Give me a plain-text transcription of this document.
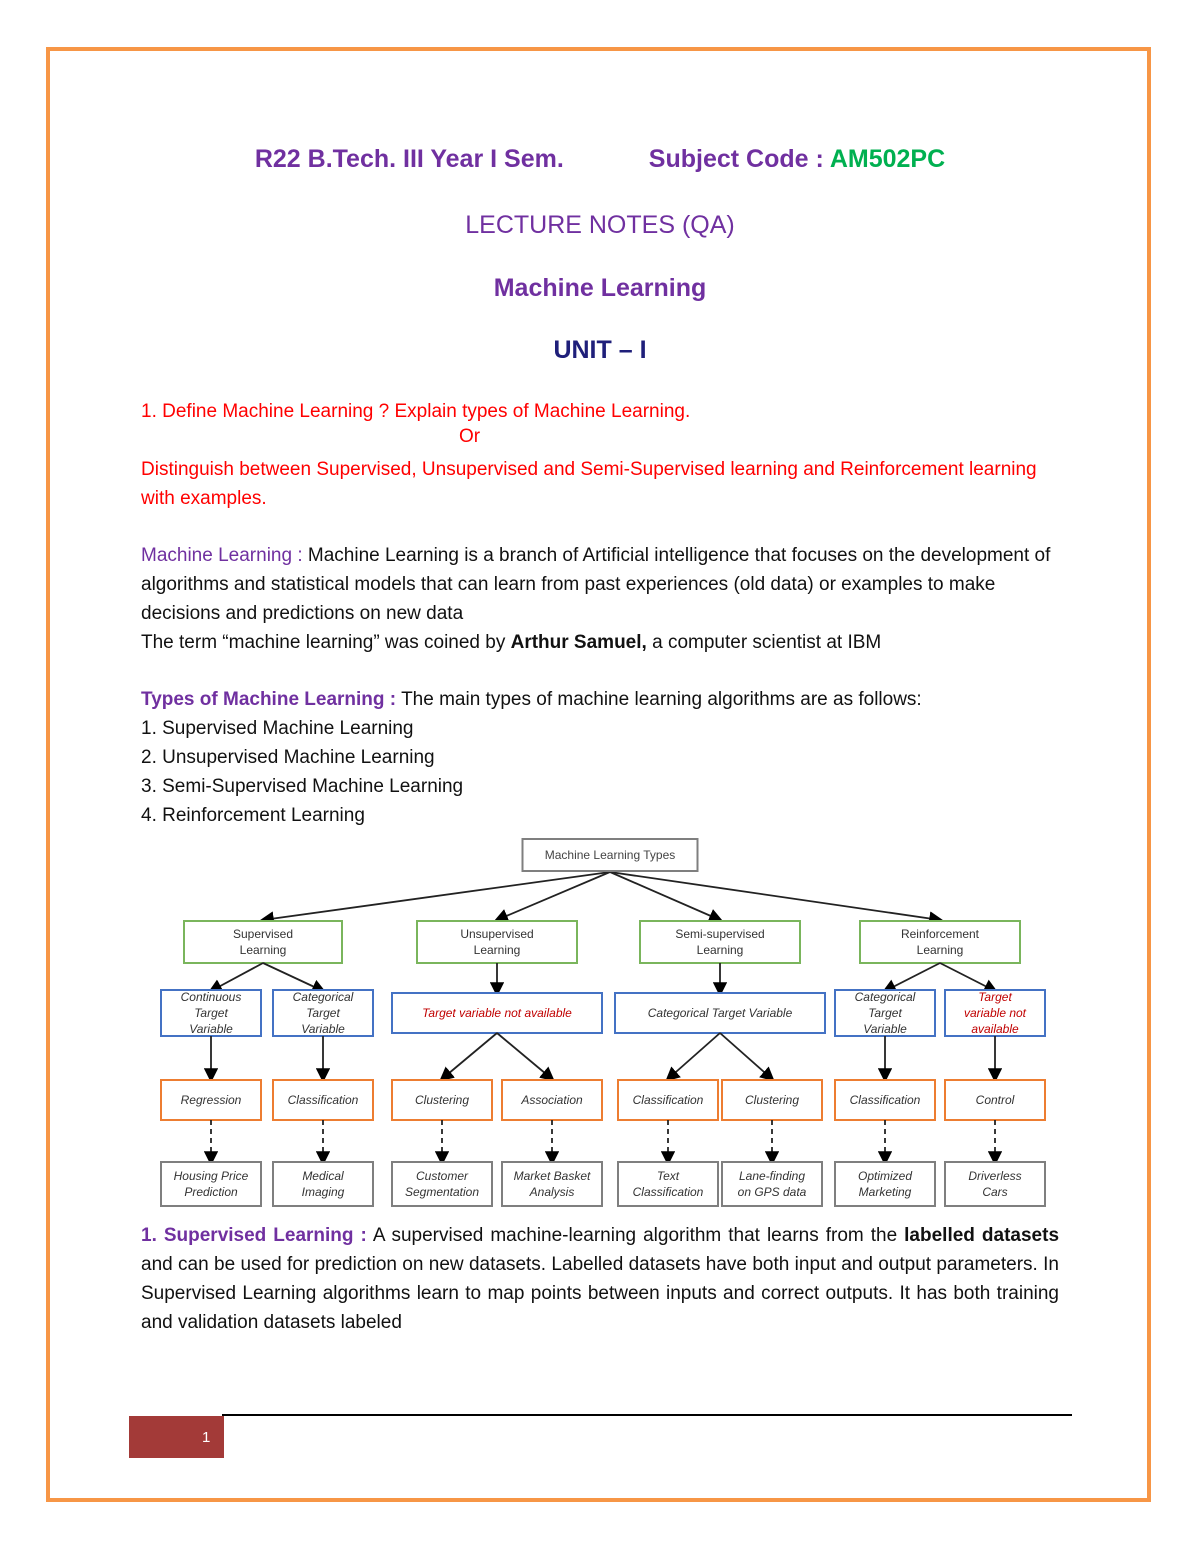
R22 B.Tech. III Year I Sem.	Subject Code : AM502PC
LECTURE NOTES (QA)
Machine Learning
UNIT – I
1. Define Machine Learning ? Explain types of Machine Learning.
Or
Distinguish between Supervised, Unsupervised and Semi-Supervised learning and Reinforcement learning with examples.
Machine Learning : Machine Learning is a branch of Artificial intelligence that focuses on the development of algorithms and statistical models that can learn from past experiences (old data) or examples to make decisions and predictions on new data
The term “machine learning” was coined by Arthur Samuel, a computer scientist at IBM
Types of Machine Learning : The main types of machine learning algorithms are as follows:
1. Supervised Machine Learning
2. Unsupervised Machine Learning
3. Semi-Supervised Machine Learning
4. Reinforcement Learning
Machine Learning Types
Supervised
Learning
Continuous
Target
Variable
Categorical
Target
Variable
Regression	Classification
Housing Price
Prediction
Medical
Imaging
Unsupervised
Learning
Target variable not available
Clustering	Association
Customer
Segmentation
Market Basket
Analysis
Semi-supervised
Learning
Categorical Target Variable
Classification	Clustering
Text
Classification
Lane-finding
on GPS data
Reinforcement
Learning
Categorical
Target
Variable
Target
variable not
available
Classification	Control
Optimized
Marketing
Driverless
Cars
1. Supervised Learning : A supervised machine-learning algorithm that learns from the labelled datasets and can be used for prediction on new datasets. Labelled datasets have both input and output parameters. In Supervised Learning algorithms learn to map points between inputs and correct outputs. It has both training and validation datasets labeled
1
